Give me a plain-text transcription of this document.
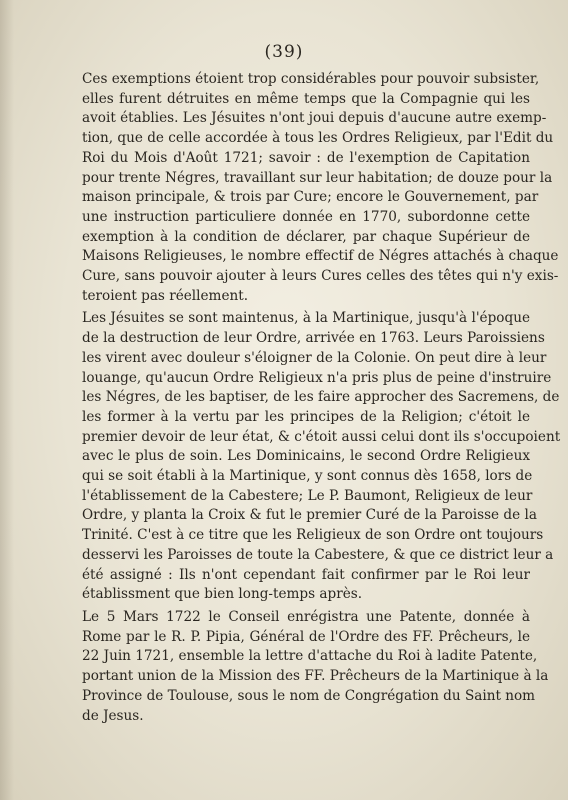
(39)
Ces exemptions étoient trop considérables pour pouvoir subsister,
elles furent détruites en même temps que la Compagnie qui les
avoit établies. Les Jésuites n'ont joui depuis d'aucune autre exemp-
tion, que de celle accordée à tous les Ordres Religieux, par l'Edit du
Roi du Mois d'Août 1721; savoir : de l'exemption de Capitation
pour trente Négres, travaillant sur leur habitation; de douze pour la
maison principale, & trois par Cure; encore le Gouvernement, par
une instruction particuliere donnée en 1770, subordonne cette
exemption à la condition de déclarer, par chaque Supérieur de
Maisons Religieuses, le nombre effectif de Négres attachés à chaque
Cure, sans pouvoir ajouter à leurs Cures celles des têtes qui n'y exis-
teroient pas réellement.
Les Jésuites se sont maintenus, à la Martinique, jusqu'à l'époque
de la destruction de leur Ordre, arrivée en 1763. Leurs Paroissiens
les virent avec douleur s'éloigner de la Colonie. On peut dire à leur
louange, qu'aucun Ordre Religieux n'a pris plus de peine d'instruire
les Négres, de les baptiser, de les faire approcher des Sacremens, de
les former à la vertu par les principes de la Religion; c'étoit le
premier devoir de leur état, & c'étoit aussi celui dont ils s'occupoient
avec le plus de soin. Les Dominicains, le second Ordre Religieux
qui se soit établi à la Martinique, y sont connus dès 1658, lors de
l'établissement de la Cabestere; Le P. Baumont, Religieux de leur
Ordre, y planta la Croix & fut le premier Curé de la Paroisse de la
Trinité. C'est à ce titre que les Religieux de son Ordre ont toujours
desservi les Paroisses de toute la Cabestere, & que ce district leur a
été assigné : Ils n'ont cependant fait confirmer par le Roi leur
établissment que bien long-temps après.
Le 5 Mars 1722 le Conseil enrégistra une Patente, donnée à
Rome par le R. P. Pipia, Général de l'Ordre des FF. Prêcheurs, le
22 Juin 1721, ensemble la lettre d'attache du Roi à ladite Patente,
portant union de la Mission des FF. Prêcheurs de la Martinique à la
Province de Toulouse, sous le nom de Congrégation du Saint nom
de Jesus.
